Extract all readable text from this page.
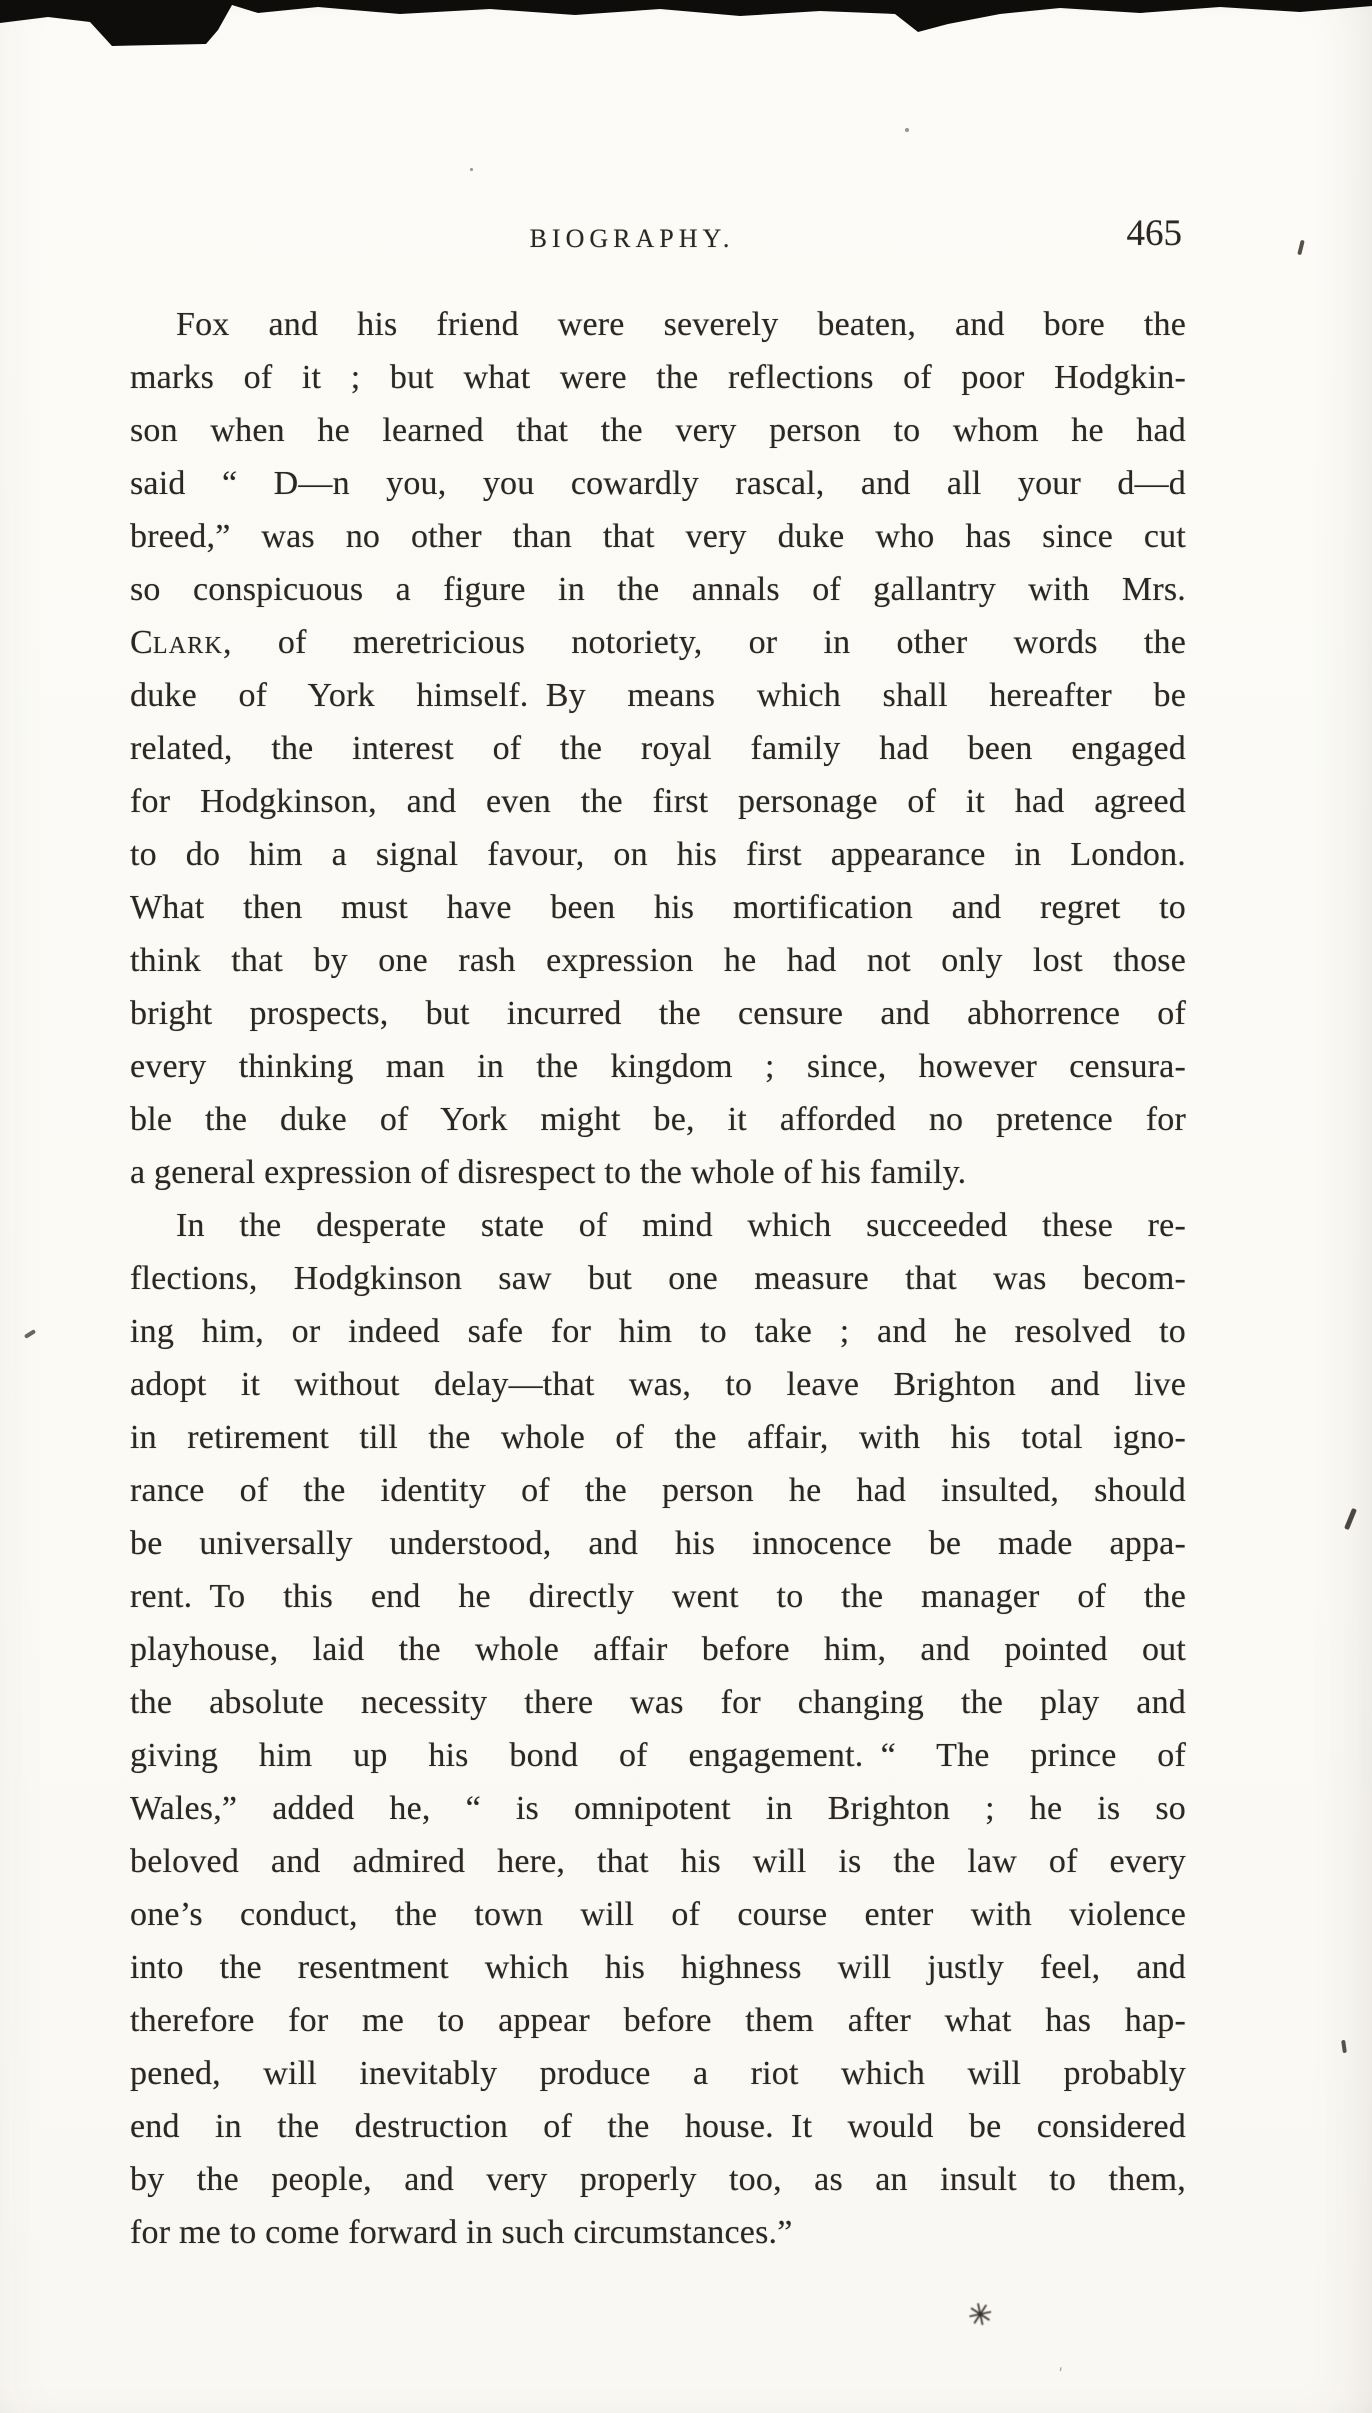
BIOGRAPHY.	465
Fox and his friend were severely beaten, and bore the
marks of it ; but what were the reflections of poor Hodgkin-
son when he learned that the very person to whom he had
said “ D—n you, you cowardly rascal, and all your d—d
breed,” was no other than that very duke who has since cut
so conspicuous a figure in the annals of gallantry with Mrs.
Clark, of meretricious notoriety, or in other words the
duke of York himself. By means which shall hereafter be
related, the interest of the royal family had been engaged
for Hodgkinson, and even the first personage of it had agreed
to do him a signal favour, on his first appearance in London.
What then must have been his mortification and regret to
think that by one rash expression he had not only lost those
bright prospects, but incurred the censure and abhorrence of
every thinking man in the kingdom ; since, however censura-
ble the duke of York might be, it afforded no pretence for
a general expression of disrespect to the whole of his family.
In the desperate state of mind which succeeded these re-
flections, Hodgkinson saw but one measure that was becom-
ing him, or indeed safe for him to take ; and he resolved to
adopt it without delay—that was, to leave Brighton and live
in retirement till the whole of the affair, with his total igno-
rance of the identity of the person he had insulted, should
be universally understood, and his innocence be made appa-
rent. To this end he directly went to the manager of the
playhouse, laid the whole affair before him, and pointed out
the absolute necessity there was for changing the play and
giving him up his bond of engagement. “ The prince of
Wales,” added he, “ is omnipotent in Brighton ; he is so
beloved and admired here, that his will is the law of every
one’s conduct, the town will of course enter with violence
into the resentment which his highness will justly feel, and
therefore for me to appear before them after what has hap-
pened, will inevitably produce a riot which will probably
end in the destruction of the house. It would be considered
by the people, and very properly too, as an insult to them,
for me to come forward in such circumstances.”
✳
ˌ
